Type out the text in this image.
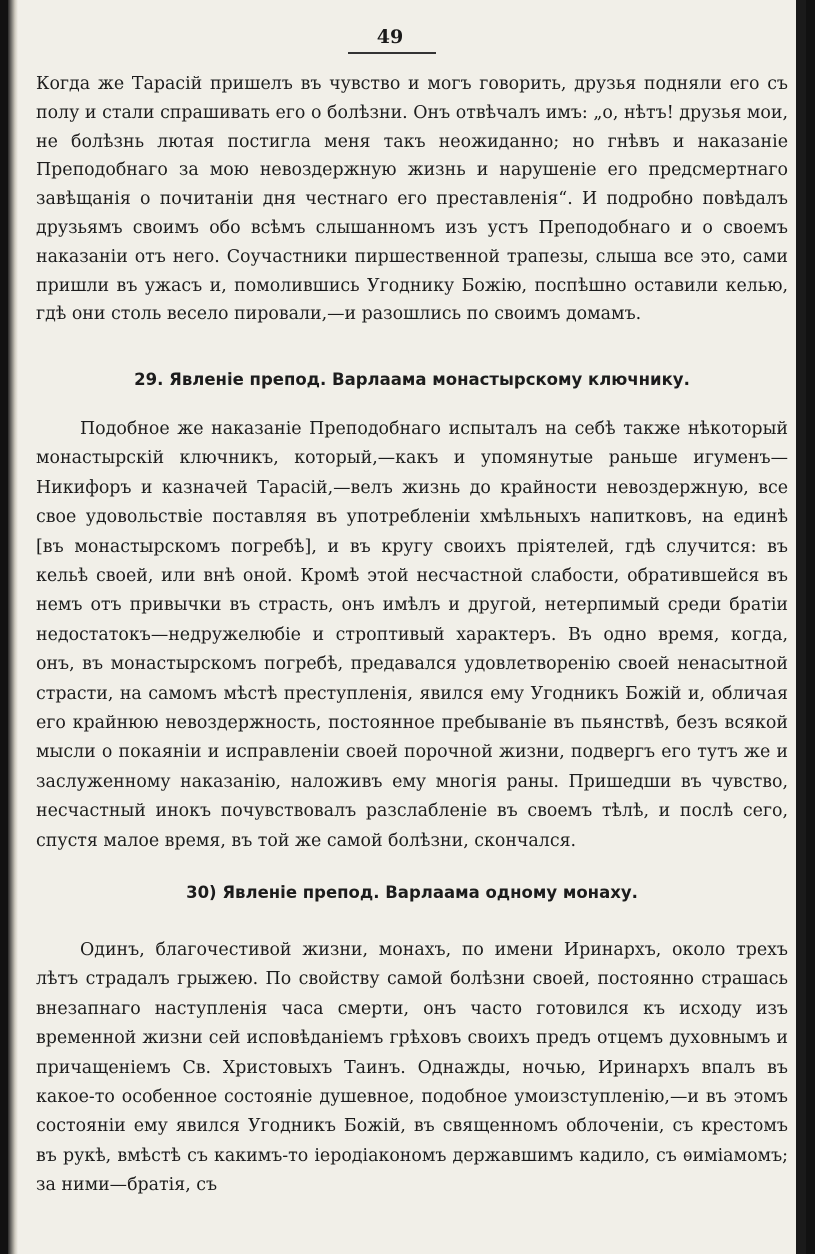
49

Когда же Тарасій пришелъ въ чувство и могъ говорить, друзья подняли его съ полу и стали спрашивать его о болѣзни. Онъ отвѣчалъ имъ: „о, нѣтъ! друзья мои, не болѣзнь лютая постигла меня такъ неожиданно; но гнѣвъ и наказаніе Преподобнаго за мою невоздержную жизнь и нарушеніе его предсмертнаго завѣщанія о почитаніи дня честнаго его преставленія“. И подробно повѣдалъ друзьямъ своимъ обо всѣмъ слышанномъ изъ устъ Преподобнаго и о своемъ наказаніи отъ него. Соучастники пиршественной трапезы, слыша все это, сами пришли въ ужасъ и, помолившись Угоднику Божію, поспѣшно оставили келью, гдѣ они столь весело пировали,—и разошлись по своимъ домамъ.

29. Явленіе препод. Варлаама монастырскому ключнику.

Подобное же наказаніе Преподобнаго испыталъ на себѣ также нѣкоторый монастырскій ключникъ, который,—какъ и упомянутые раньше игуменъ—Никифоръ и казначей Тарасій,—велъ жизнь до крайности невоздержную, все свое удовольствіе поставляя въ употребленіи хмѣльныхъ напитковъ, на единѣ [въ монастырскомъ погребѣ], и въ кругу своихъ пріятелей, гдѣ случится: въ кельѣ своей, или внѣ оной. Кромѣ этой несчастной слабости, обратившейся въ немъ отъ привычки въ страсть, онъ имѣлъ и другой, нетерпимый среди братіи недостатокъ—недружелюбіе и строптивый характеръ. Въ одно время, когда, онъ, въ монастырскомъ погребѣ, предавался удовлетворенію своей ненасытной страсти, на самомъ мѣстѣ преступленія, явился ему Угодникъ Божій и, обличая его крайнюю невоздержность, постоянное пребываніе въ пьянствѣ, безъ всякой мысли о покаяніи и исправленіи своей порочной жизни, подвергъ его тутъ же и заслуженному наказанію, наложивъ ему многія раны. Пришедши въ чувство, несчастный инокъ почувствовалъ разслабленіе въ своемъ тѣлѣ, и послѣ сего, спустя малое время, въ той же самой болѣзни, скончался.

30) Явленіе препод. Варлаама одному монаху.

Одинъ, благочестивой жизни, монахъ, по имени Иринархъ, около трехъ лѣтъ страдалъ грыжею. По свойству самой болѣзни своей, постоянно страшась внезапнаго наступленія часа смерти, онъ часто готовился къ исходу изъ временной жизни сей исповѣданіемъ грѣховъ своихъ предъ отцемъ духовнымъ и причащеніемъ Св. Христовыхъ Таинъ. Однажды, ночью, Иринархъ впалъ въ какое-то особенное состояніе душевное, подобное умоизступленію,—и въ этомъ состояніи ему явился Угодникъ Божій, въ священномъ облоченіи, съ крестомъ въ рукѣ, вмѣстѣ съ какимъ-то іеродіакономъ державшимъ кадило, съ ѳиміамомъ; за ними—братія, съ
